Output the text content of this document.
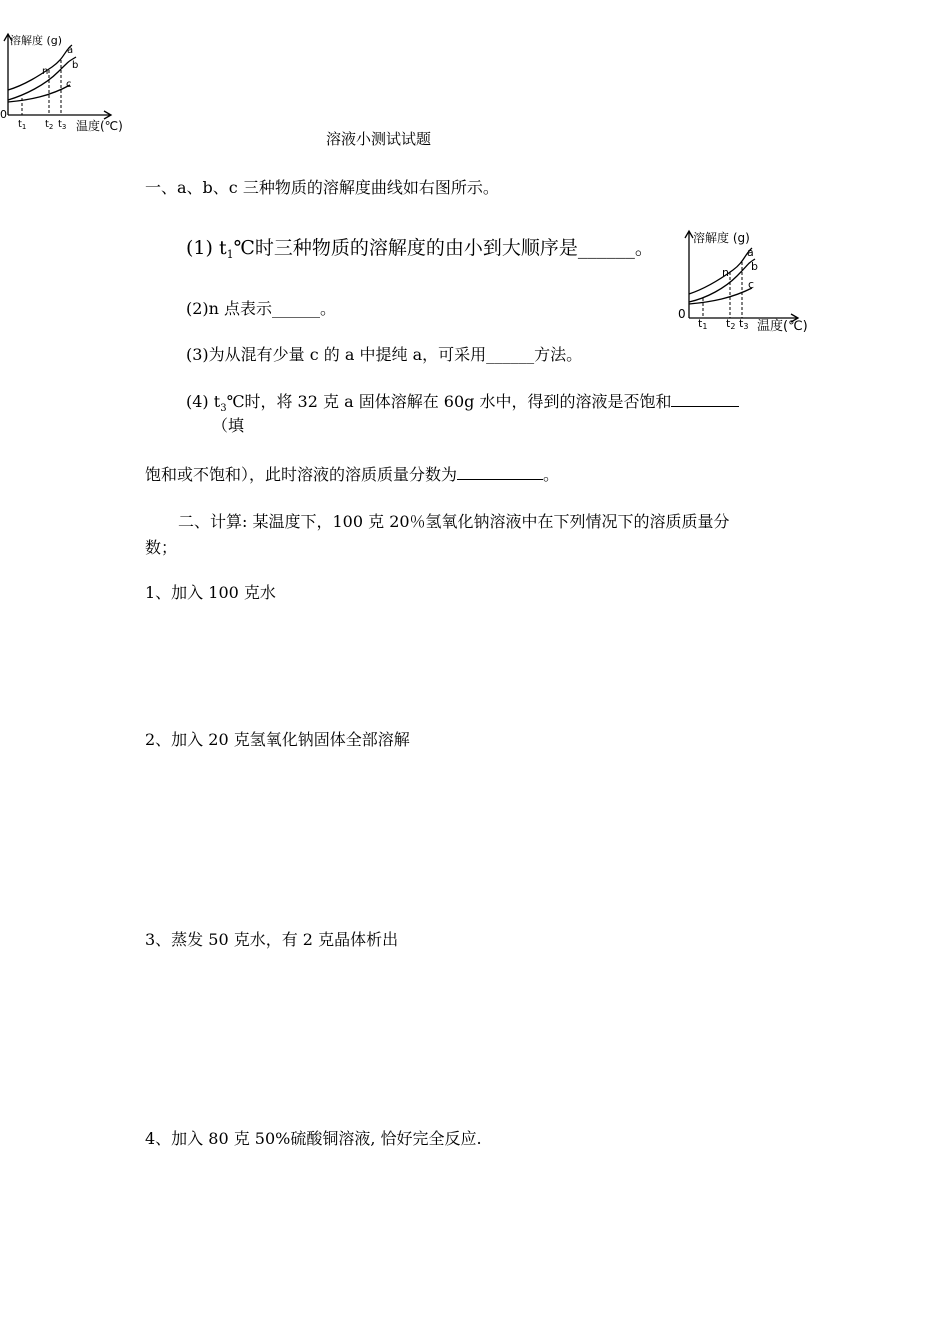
溶解度 (g)
温度(℃)
0
a
b
c
n
$t_1$ $t_2$ $t_3$
溶液小测试试题
一、a、b、c 三种物质的溶解度曲线如右图所示。
(1) $t_1℃$时三种物质的溶解度的由小到大顺序是______。
(2)n 点表示______。
(3)为从混有少量 c 的 a 中提纯 a，可采用______方法。
(4) $t_3℃$时，将 32 克 a 固体溶解在 60g 水中，得到的溶液是否饱和
（填
饱和或不饱和），此时溶液的溶质质量分数为	。
溶解度 (g)
温度(℃)
0
a
b
c
n
t1 t2 t3
二、计算: 某温度下，100 克 20％氢氧化钠溶液中在下列情况下的溶质质量分
数；
1、加入 100 克水
2、加入 20 克氢氧化钠固体全部溶解
3、蒸发 50 克水，有 2 克晶体析出
4、加入 80 克 50%硫酸铜溶液, 恰好完全反应.
